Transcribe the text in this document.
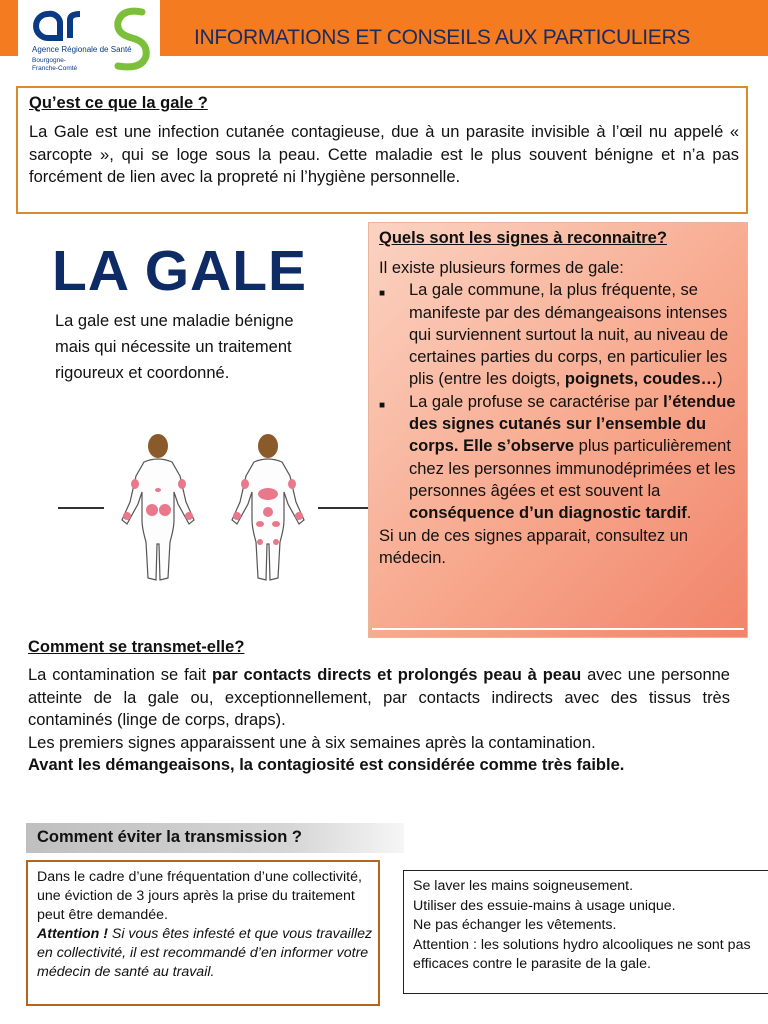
Agence Régionale de Santé
Bourgogne-
Franche-Comté
INFORMATIONS ET CONSEILS AUX PARTICULIERS
Qu’est ce que la gale ?
La Gale est une infection cutanée contagieuse, due à un parasite invisible à l’œil nu appelé « sarcopte », qui se loge sous la peau. Cette maladie est le plus souvent bénigne et n’a pas forcément de lien avec la propreté ni l’hygiène personnelle.
LA GALE
La gale est une maladie bénigne mais qui nécessite un traitement rigoureux et coordonné.
Quels sont les signes à reconnaitre?
Il existe plusieurs formes de gale:
■	La gale commune, la plus fréquente, se manifeste par des démangeaisons intenses qui surviennent surtout la nuit, au niveau de certaines parties du corps, en particulier les plis (entre les doigts, poignets, coudes…)
■	La gale profuse se caractérise par l’étendue des signes cutanés sur l’ensemble du corps. Elle s’observe plus particulièrement chez les personnes immunodéprimées et les personnes âgées et est souvent la conséquence d’un diagnostic tardif.
Si un de ces signes apparait, consultez un médecin.
Comment se transmet-elle?
La contamination se fait par contacts directs et prolongés peau à peau avec une personne atteinte de la gale ou, exceptionnellement, par contacts indirects avec des tissus très contaminés (linge de corps, draps).
Les premiers signes apparaissent une à six semaines après la contamination.
Avant les démangeaisons, la contagiosité est considérée comme très faible.
Comment éviter la transmission ?
Dans le cadre d’une fréquentation d’une collectivité, une éviction de 3 jours après la prise du traitement peut être demandée.
Attention ! Si vous êtes infesté et que vous travaillez en collectivité, il est recommandé d’en informer votre médecin de santé au travail.
Se laver les mains soigneusement.
Utiliser des essuie-mains à usage unique.
Ne pas échanger les vêtements.
Attention : les solutions hydro alcooliques ne sont pas efficaces contre le parasite de la gale.
